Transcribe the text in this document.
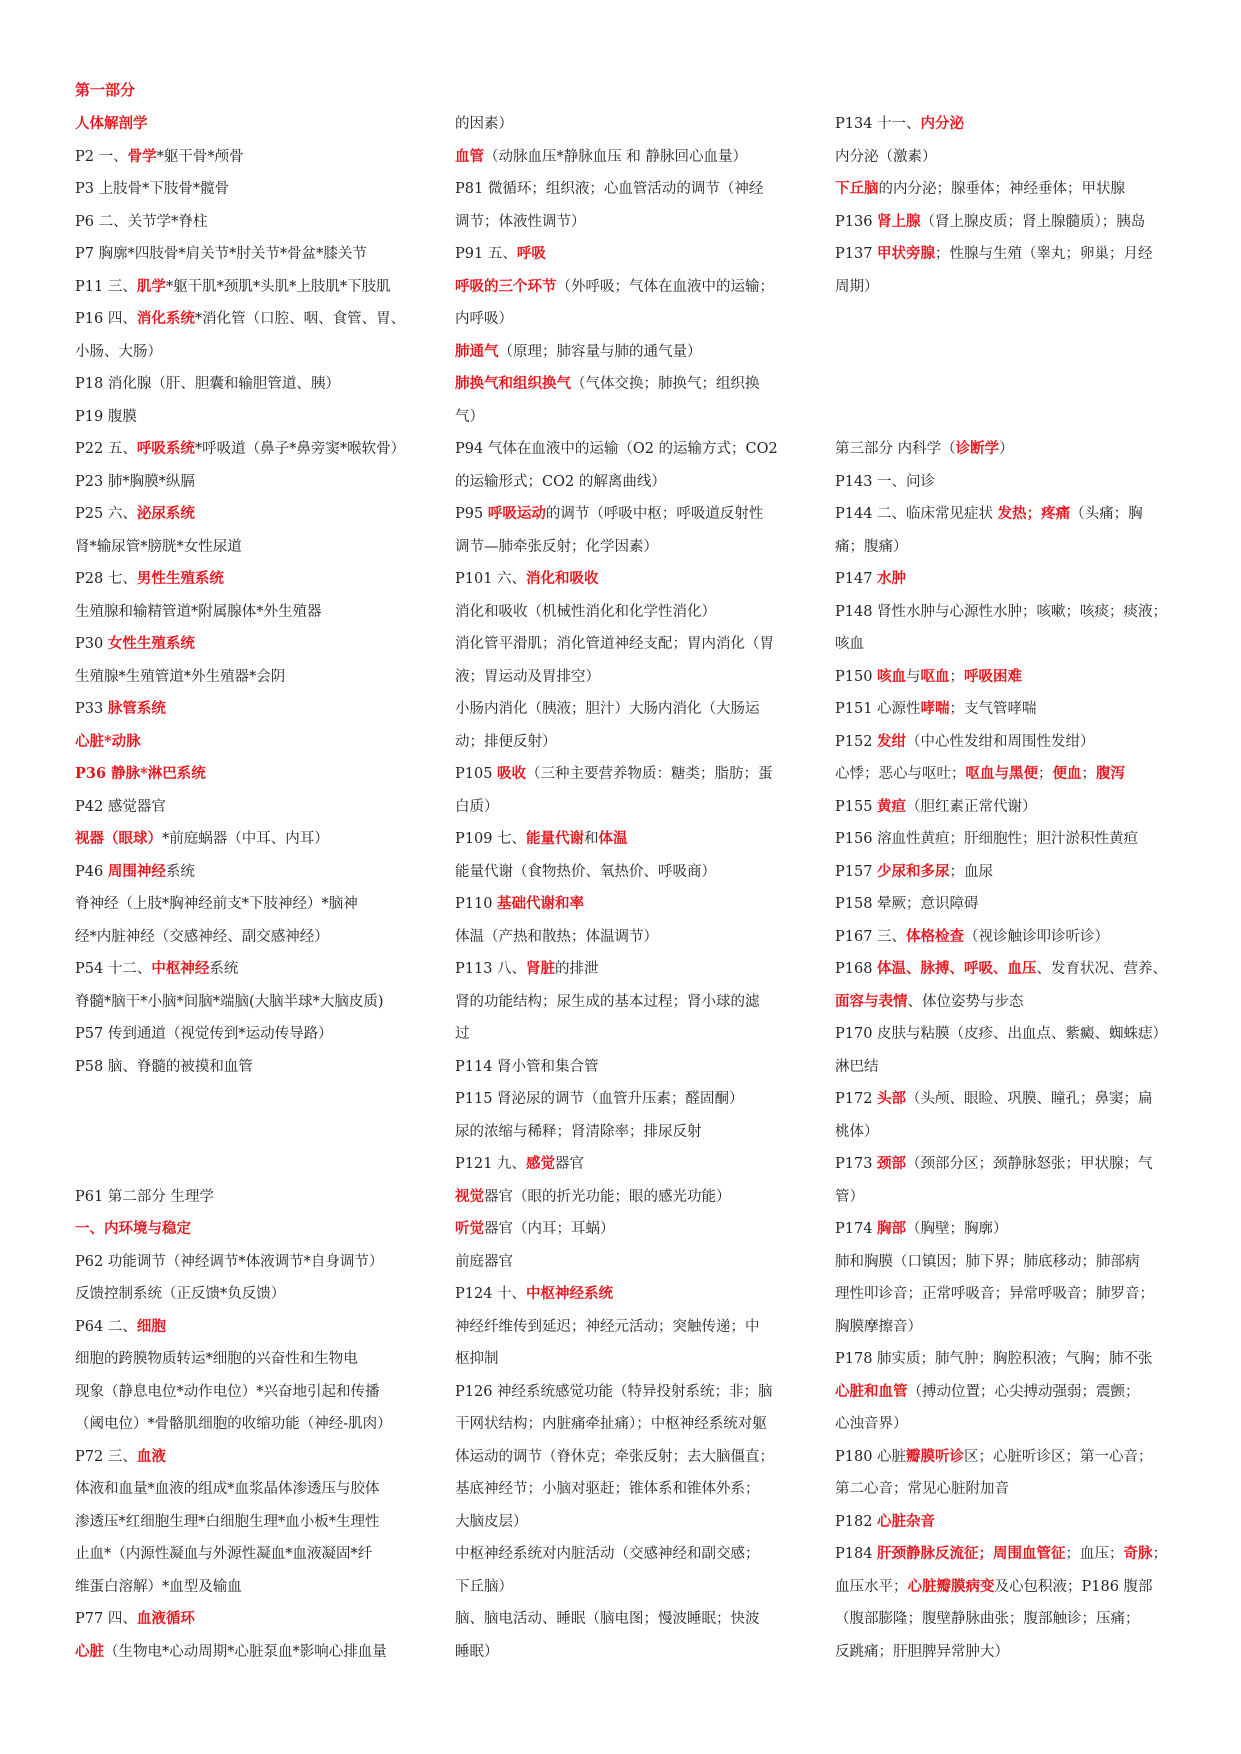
第一部分

人体解剖学

P2 一、骨学*躯干骨*颅骨

P3 上肢骨*下肢骨*髋骨

P6 二、关节学*脊柱

P7 胸廓*四肢骨*肩关节*肘关节*骨盆*膝关节

P11 三、肌学*躯干肌*颈肌*头肌*上肢肌*下肢肌

P16 四、消化系统*消化管（口腔、咽、食管、胃、

小肠、大肠）

P18 消化腺（肝、胆囊和输胆管道、胰）

P19 腹膜

P22 五、呼吸系统*呼吸道（鼻子*鼻旁窦*喉软骨）

P23 肺*胸膜*纵膈

P25 六、泌尿系统

肾*输尿管*膀胱*女性尿道

P28 七、男性生殖系统

生殖腺和输精管道*附属腺体*外生殖器

P30 女性生殖系统

生殖腺*生殖管道*外生殖器*会阴

P33 脉管系统

心脏*动脉

P36 静脉*淋巴系统

P42 感觉器官

视器（眼球）*前庭蜗器（中耳、内耳）

P46 周围神经系统

脊神经（上肢*胸神经前支*下肢神经）*脑神

经*内脏神经（交感神经、副交感神经）

P54 十二、中枢神经系统

脊髓*脑干*小脑*间脑*端脑(大脑半球*大脑皮质)

P57 传到通道（视觉传到*运动传导路）

P58 脑、脊髓的被摸和血管

P61 第二部分 生理学

一、内环境与稳定

P62 功能调节（神经调节*体液调节*自身调节）

反馈控制系统（正反馈*负反馈）

P64 二、细胞

细胞的跨膜物质转运*细胞的兴奋性和生物电

现象（静息电位*动作电位）*兴奋地引起和传播

（阈电位）*骨骼肌细胞的收缩功能（神经-肌肉）

P72 三、血液

体液和血量*血液的组成*血浆晶体渗透压与胶体

渗透压*红细胞生理*白细胞生理*血小板*生理性

止血*（内源性凝血与外源性凝血*血液凝固*纤

维蛋白溶解）*血型及输血

P77 四、血液循环

心脏（生物电*心动周期*心脏泵血*影响心排血量

的因素）

血管（动脉血压*静脉血压 和 静脉回心血量）

P81 微循环；组织液；心血管活动的调节（神经

调节；体液性调节）

P91 五、呼吸

呼吸的三个环节（外呼吸；气体在血液中的运输；

内呼吸）

肺通气（原理；肺容量与肺的通气量）

肺换气和组织换气（气体交换；肺换气；组织换

气）

P94 气体在血液中的运输（O2 的运输方式；CO2

的运输形式；CO2 的解离曲线）

P95 呼吸运动的调节（呼吸中枢；呼吸道反射性

调节—肺牵张反射；化学因素）

P101 六、消化和吸收

消化和吸收（机械性消化和化学性消化）

消化管平滑肌；消化管道神经支配；胃内消化（胃

液；胃运动及胃排空）

小肠内消化（胰液；胆汁）大肠内消化（大肠运

动；排便反射）

P105 吸收（三种主要营养物质：糖类；脂肪；蛋

白质）

P109 七、能量代谢和体温

能量代谢（食物热价、氧热价、呼吸商）

P110 基础代谢和率

体温（产热和散热；体温调节）

P113 八、肾脏的排泄

肾的功能结构；尿生成的基本过程；肾小球的滤

过

P114 肾小管和集合管

P115 肾泌尿的调节（血管升压素；醛固酮）

尿的浓缩与稀释；肾清除率；排尿反射

P121 九、感觉器官

视觉器官（眼的折光功能；眼的感光功能）

听觉器官（内耳；耳蜗）

前庭器官

P124 十、中枢神经系统

神经纤维传到延迟；神经元活动；突触传递；中

枢抑制

P126 神经系统感觉功能（特异投射系统；非；脑

干网状结构；内脏痛牵扯痛）；中枢神经系统对躯

体运动的调节（脊休克；牵张反射；去大脑僵直；

基底神经节；小脑对驱赶；锥体系和锥体外系；

大脑皮层）

中枢神经系统对内脏活动（交感神经和副交感；

下丘脑）

脑、脑电活动、睡眠（脑电图；慢波睡眠；快波

睡眠）

P134 十一、内分泌

内分泌（激素）

下丘脑的内分泌；腺垂体；神经垂体；甲状腺

P136 肾上腺（肾上腺皮质；肾上腺髓质）；胰岛

P137 甲状旁腺；性腺与生殖（睾丸；卵巢；月经

周期）

第三部分 内科学（诊断学）

P143 一、问诊

P144 二、临床常见症状 发热；疼痛（头痛；胸

痛；腹痛）

P147 水肿

P148 肾性水肿与心源性水肿；咳嗽；咳痰；痰液；

咳血

P150 咳血与呕血；呼吸困难

P151 心源性哮喘；支气管哮喘

P152 发绀（中心性发绀和周围性发绀）

心悸；恶心与呕吐；呕血与黑便；便血；腹泻

P155 黄疸（胆红素正常代谢）

P156 溶血性黄疸；肝细胞性；胆汁淤积性黄疸

P157 少尿和多尿；血尿

P158 晕厥；意识障碍

P167 三、体格检查（视诊触诊叩诊听诊）

P168 体温、脉搏、呼吸、血压、发育状况、营养、

面容与表情、体位姿势与步态

P170 皮肤与粘膜（皮疹、出血点、紫癜、蜘蛛痣）

淋巴结

P172 头部（头颅、眼睑、巩膜、瞳孔；鼻窦；扁

桃体）

P173 颈部（颈部分区；颈静脉怒张；甲状腺；气

管）

P174 胸部（胸壁；胸廓）

肺和胸膜（口镇因；肺下界；肺底移动；肺部病

理性叩诊音；正常呼吸音；异常呼吸音；肺罗音；

胸膜摩擦音）

P178 肺实质；肺气肿；胸腔积液；气胸；肺不张

心脏和血管（搏动位置；心尖搏动强弱；震颤；

心浊音界）

P180 心脏瓣膜听诊区；心脏听诊区；第一心音；

第二心音；常见心脏附加音

P182 心脏杂音

P184 肝颈静脉反流征；周围血管征；血压；奇脉；

血压水平；心脏瓣膜病变及心包积液；P186 腹部

（腹部膨隆；腹壁静脉曲张；腹部触诊；压痛；

反跳痛；肝胆脾异常肿大）
